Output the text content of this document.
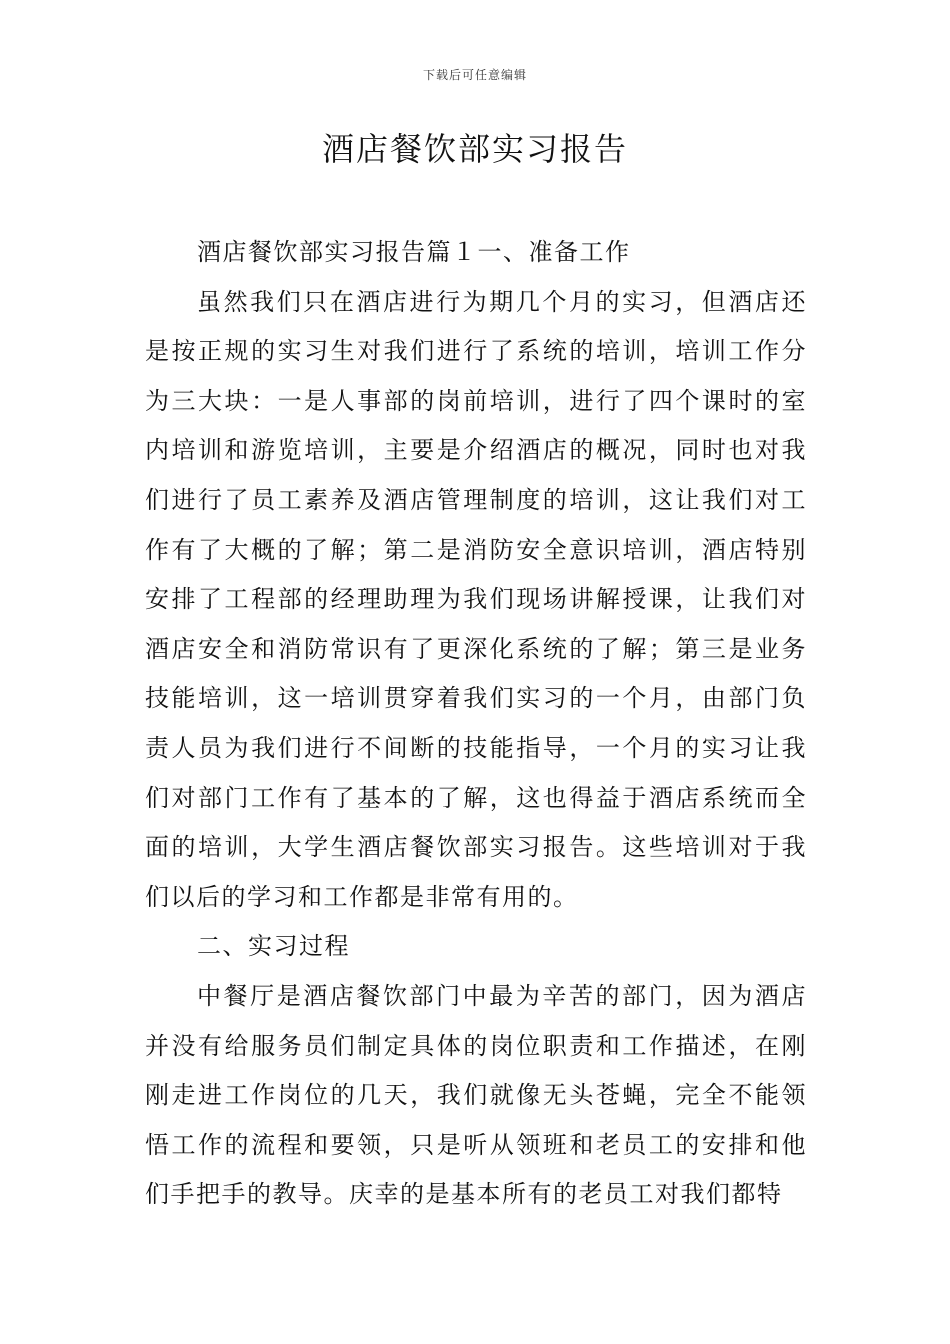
下载后可任意编辑
酒店餐饮部实习报告

酒店餐饮部实习报告篇１一、准备工作

虽然我们只在酒店进行为期几个月的实习，但酒店还是按正规的实习生对我们进行了系统的培训，培训工作分为三大块：一是人事部的岗前培训，进行了四个课时的室内培训和游览培训，主要是介绍酒店的概况，同时也对我们进行了员工素养及酒店管理制度的培训，这让我们对工作有了大概的了解；第二是消防安全意识培训，酒店特别安排了工程部的经理助理为我们现场讲解授课，让我们对酒店安全和消防常识有了更深化系统的了解；第三是业务技能培训，这一培训贯穿着我们实习的一个月，由部门负责人员为我们进行不间断的技能指导，一个月的实习让我们对部门工作有了基本的了解，这也得益于酒店系统而全面的培训，大学生酒店餐饮部实习报告。这些培训对于我们以后的学习和工作都是非常有用的。

二、实习过程

中餐厅是酒店餐饮部门中最为辛苦的部门，因为酒店并没有给服务员们制定具体的岗位职责和工作描述，在刚刚走进工作岗位的几天，我们就像无头苍蝇，完全不能领悟工作的流程和要领，只是听从领班和老员工的安排和他们手把手的教导。庆幸的是基本所有的老员工对我们都特
